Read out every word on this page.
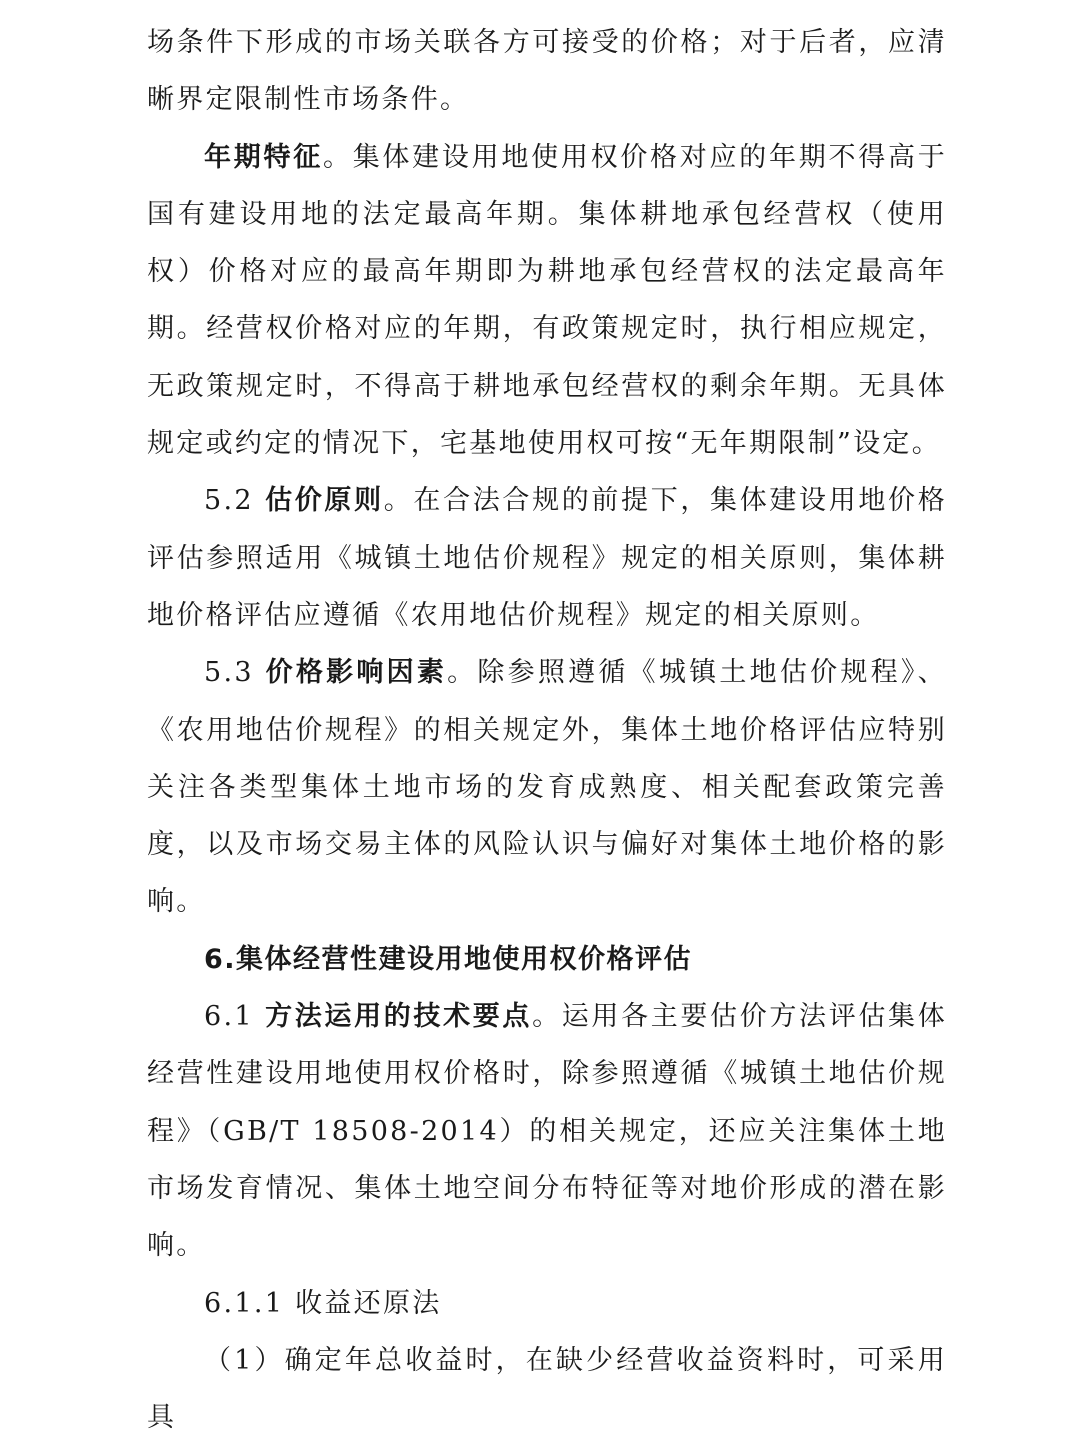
场条件下形成的市场关联各方可接受的价格；对于后者，应清晰界定限制性市场条件。

年期特征。集体建设用地使用权价格对应的年期不得高于国有建设用地的法定最高年期。集体耕地承包经营权（使用权）价格对应的最高年期即为耕地承包经营权的法定最高年期。经营权价格对应的年期，有政策规定时，执行相应规定，无政策规定时，不得高于耕地承包经营权的剩余年期。无具体规定或约定的情况下，宅基地使用权可按“无年期限制”设定。

5.2 估价原则。在合法合规的前提下，集体建设用地价格评估参照适用《城镇土地估价规程》规定的相关原则，集体耕地价格评估应遵循《农用地估价规程》规定的相关原则。

5.3 价格影响因素。除参照遵循《城镇土地估价规程》、《农用地估价规程》的相关规定外，集体土地价格评估应特别关注各类型集体土地市场的发育成熟度、相关配套政策完善度，以及市场交易主体的风险认识与偏好对集体土地价格的影响。

6.集体经营性建设用地使用权价格评估

6.1 方法运用的技术要点。运用各主要估价方法评估集体经营性建设用地使用权价格时，除参照遵循《城镇土地估价规程》（GB/T 18508-2014）的相关规定，还应关注集体土地市场发育情况、集体土地空间分布特征等对地价形成的潜在影响。

6.1.1 收益还原法

（1）确定年总收益时，在缺少经营收益资料时，可采用具
